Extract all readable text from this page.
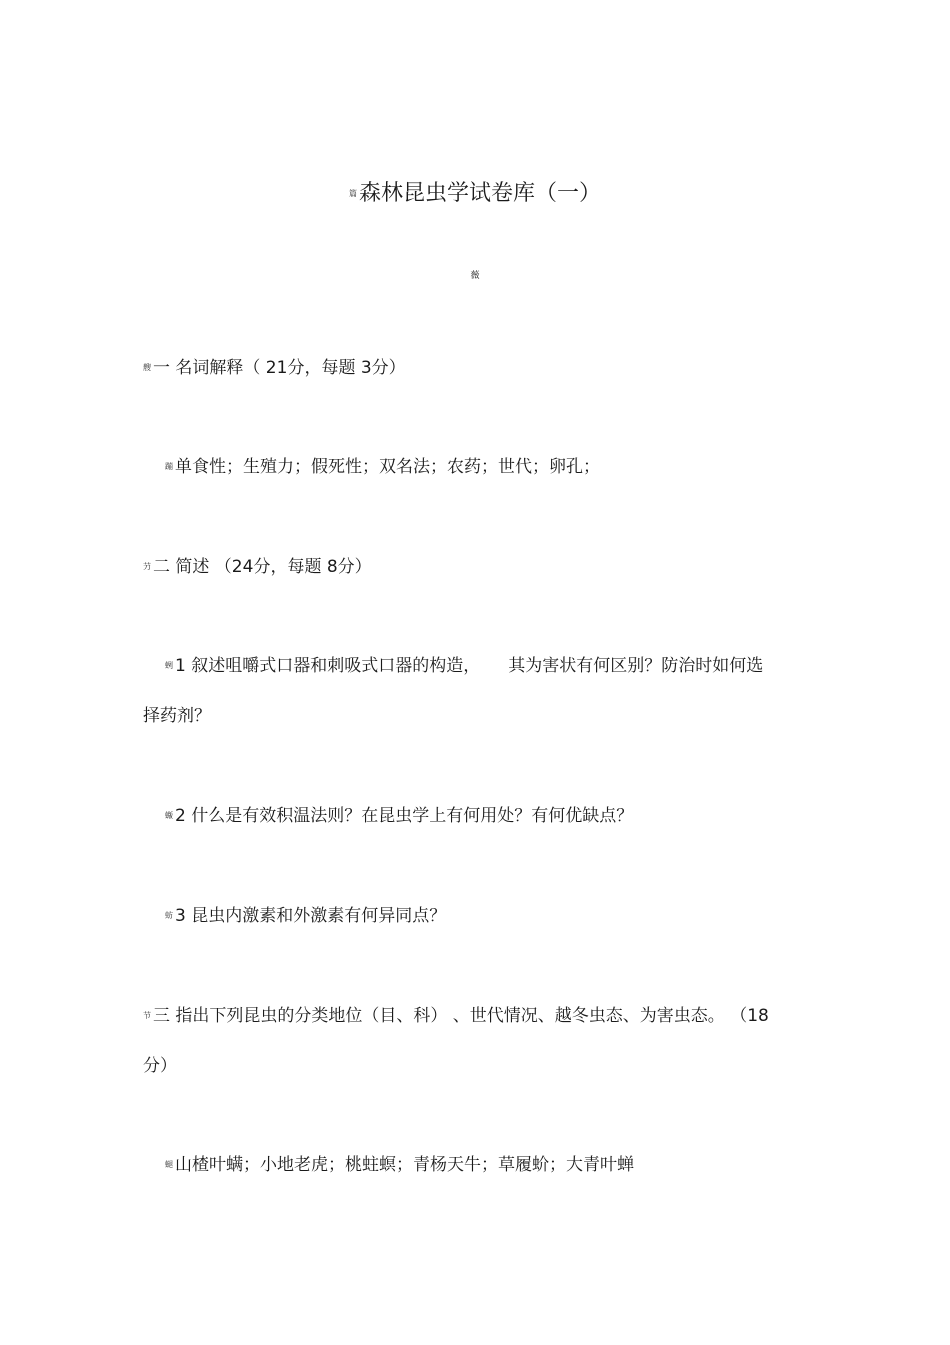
篇森林昆虫学试卷库（一）
薇
艘 一 名词解释（ 21分，每题 3分）
蹦 单食性；生殖力；假死性；双名法；农药；世代；卵孔；
芀 二 简述 （24分，每题 8分）
蛚 1 叙述咀嚼式口器和刺吸式口器的构造， 其为害状有何区别？防治时如何选
择药剂？
蝂 2 什么是有效积温法则？在昆虫学上有何用处？有何优缺点？
蚄 3 昆虫内激素和外激素有何异同点？
节 三 指出下列昆虫的分类地位（目、科） 、世代情况、越冬虫态、为害虫态。 （18
分）
螁 山楂叶螨；小地老虎；桃蛀螟；青杨天牛；草履蚧；大青叶蝉
